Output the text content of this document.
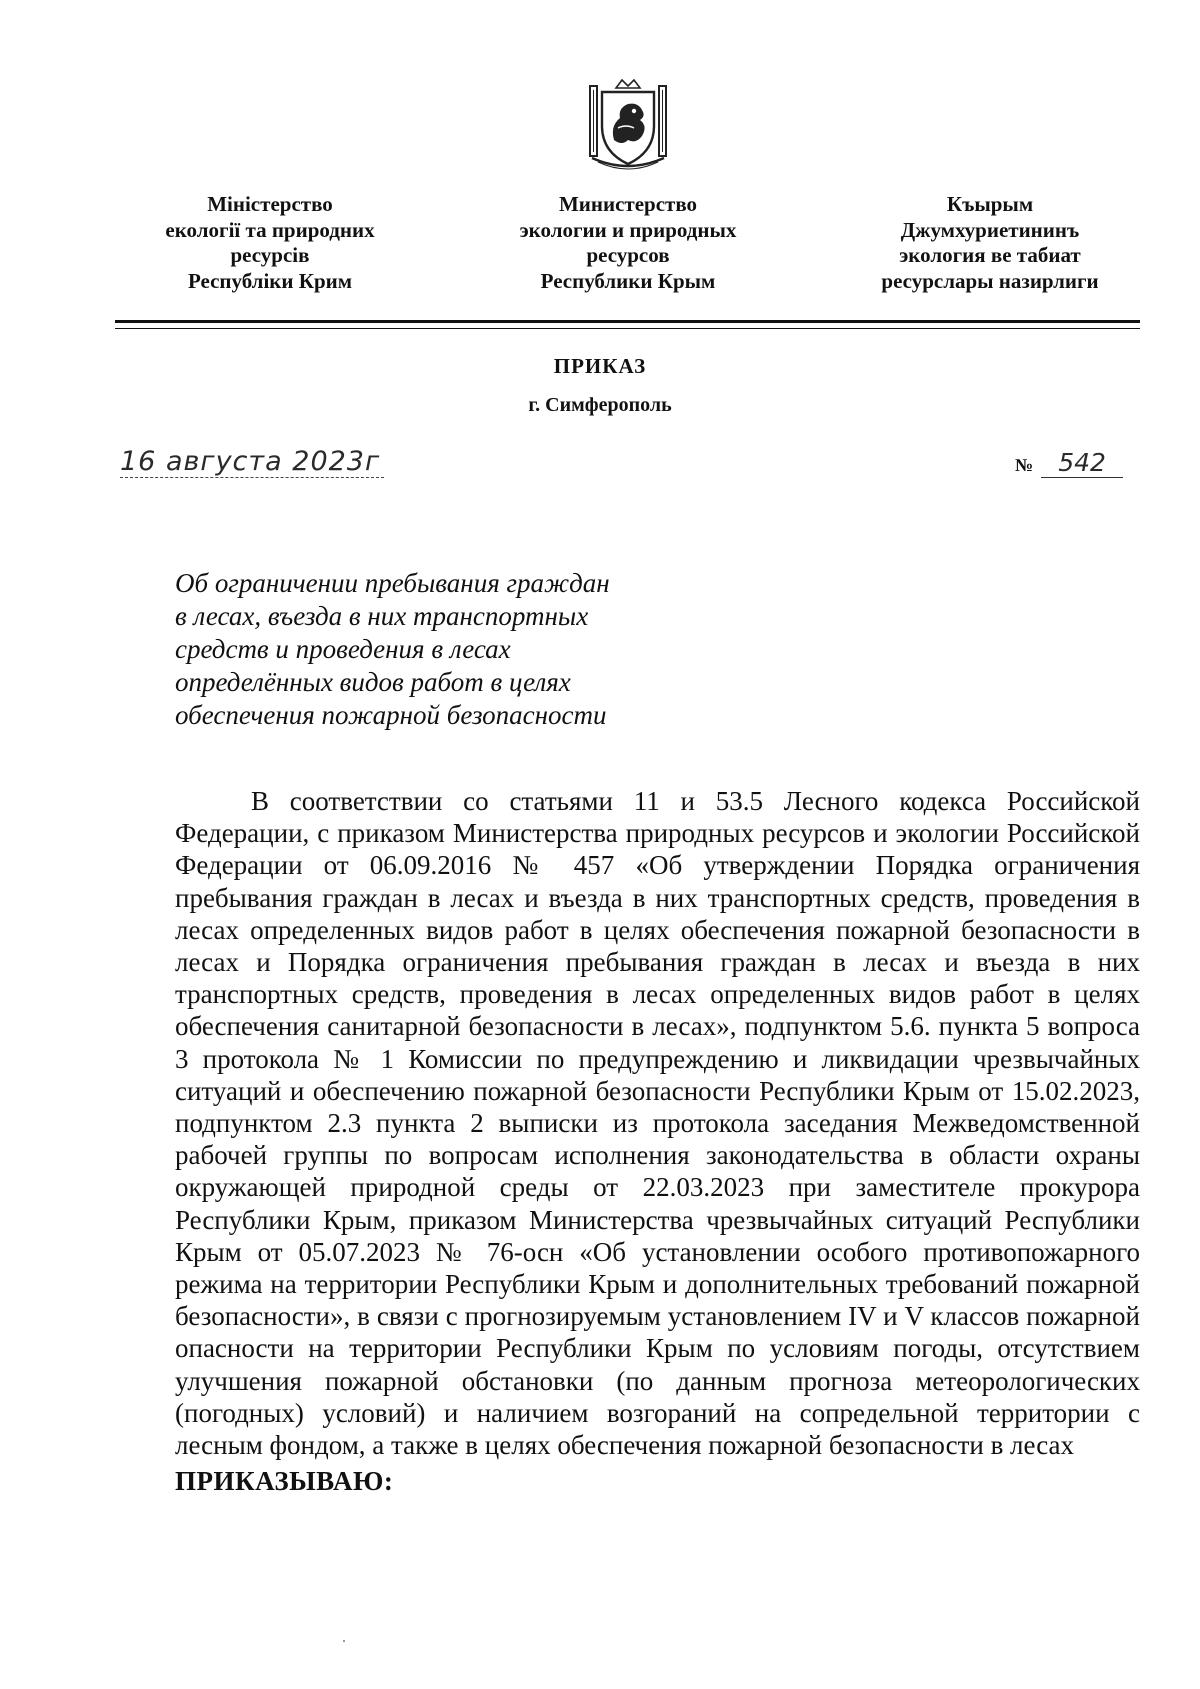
Міністерство
екології та природних
ресурсів
Республіки Крим
Министерство
экологии и природных
ресурсов
Республики Крым
Къырым
Джумхуриетининъ
экология ве табиат
ресурслары назирлиги
ПРИКАЗ
г. Симферополь
16 августа 2023г	№ 542
Об ограничении пребывания граждан
в лесах, въезда в них транспортных
средств и проведения в лесах
определённых видов работ в целях
обеспечения пожарной безопасности
В соответствии со статьями 11 и 53.5 Лесного кодекса Российской Федерации, с приказом Министерства природных ресурсов и экологии Российской Федерации от 06.09.2016 № 457 «Об утверждении Порядка ограничения пребывания граждан в лесах и въезда в них транспортных средств, проведения в лесах определенных видов работ в целях обеспечения пожарной безопасности в лесах и Порядка ограничения пребывания граждан в лесах и въезда в них транспортных средств, проведения в лесах определенных видов работ в целях обеспечения санитарной безопасности в лесах», подпунктом 5.6. пункта 5 вопроса 3 протокола № 1 Комиссии по предупреждению и ликвидации чрезвычайных ситуаций и обеспечению пожарной безопасности Республики Крым от 15.02.2023, подпунктом 2.3 пункта 2 выписки из протокола заседания Межведомственной рабочей группы по вопросам исполнения законодательства в области охраны окружающей природной среды от 22.03.2023 при заместителе прокурора Республики Крым, приказом Министерства чрезвычайных ситуаций Республики Крым от 05.07.2023 № 76-осн «Об установлении особого противопожарного режима на территории Республики Крым и дополнительных требований пожарной безопасности», в связи с прогнозируемым установлением IV и V классов пожарной опасности на территории Республики Крым по условиям погоды, отсутствием улучшения пожарной обстановки (по данным прогноза метеорологических (погодных) условий) и наличием возгораний на сопредельной территории с лесным фондом, а также в целях обеспечения пожарной безопасности в лесах
ПРИКАЗЫВАЮ:
